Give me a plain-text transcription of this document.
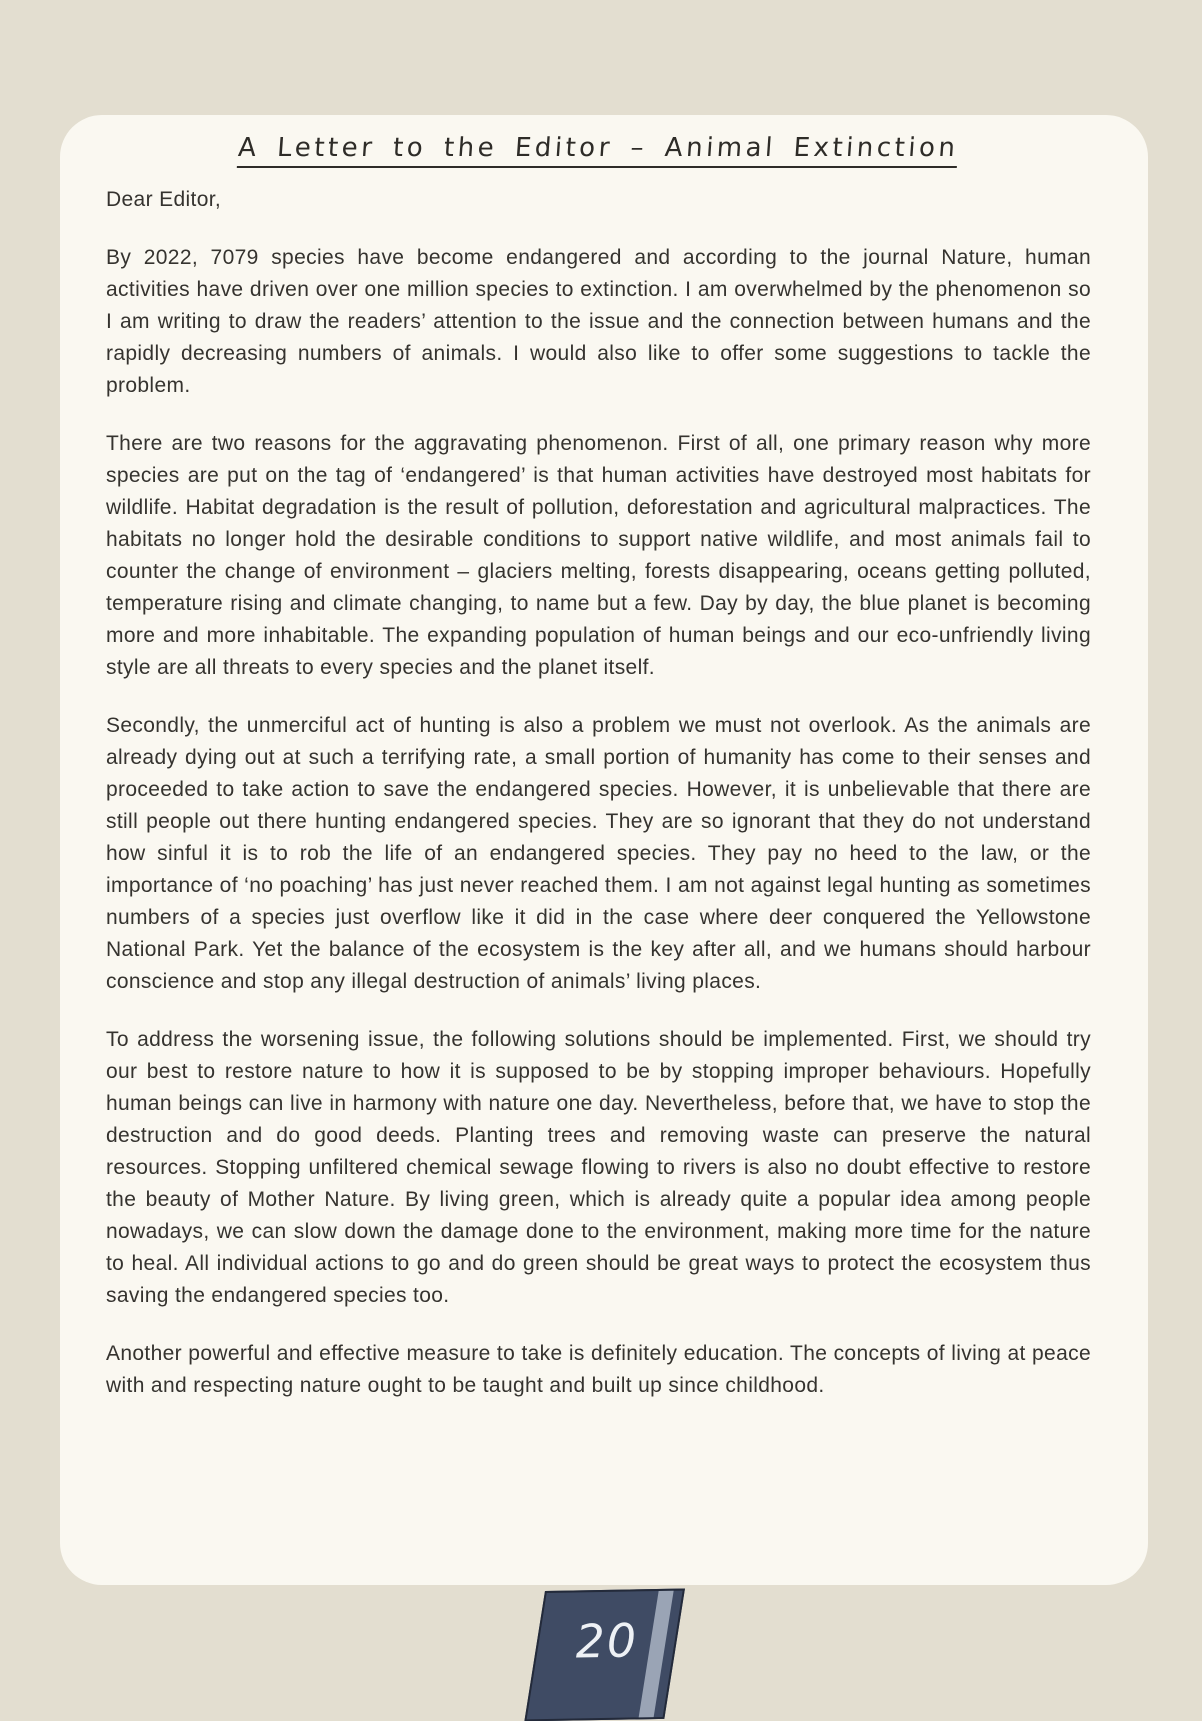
A Letter to the Editor – Animal Extinction

Dear Editor,

By 2022, 7079 species have become endangered and according to the journal Nature, human activities have driven over one million species to extinction. I am overwhelmed by the phenomenon so I am writing to draw the readers’ attention to the issue and the connection between humans and the rapidly decreasing numbers of animals. I would also like to offer some suggestions to tackle the problem.

There are two reasons for the aggravating phenomenon. First of all, one primary reason why more species are put on the tag of ‘endangered’ is that human activities have destroyed most habitats for wildlife. Habitat degradation is the result of pollution, deforestation and agricultural malpractices. The habitats no longer hold the desirable conditions to support native wildlife, and most animals fail to counter the change of environment – glaciers melting, forests disappearing, oceans getting polluted, temperature rising and climate changing, to name but a few. Day by day, the blue planet is becoming more and more inhabitable. The expanding population of human beings and our eco-unfriendly living style are all threats to every species and the planet itself.

Secondly, the unmerciful act of hunting is also a problem we must not overlook. As the animals are already dying out at such a terrifying rate, a small portion of humanity has come to their senses and proceeded to take action to save the endangered species. However, it is unbelievable that there are still people out there hunting endangered species. They are so ignorant that they do not understand how sinful it is to rob the life of an endangered species. They pay no heed to the law, or the importance of ‘no poaching’ has just never reached them. I am not against legal hunting as sometimes numbers of a species just overflow like it did in the case where deer conquered the Yellowstone National Park. Yet the balance of the ecosystem is the key after all, and we humans should harbour conscience and stop any illegal destruction of animals’ living places.

To address the worsening issue, the following solutions should be implemented. First, we should try our best to restore nature to how it is supposed to be by stopping improper behaviours. Hopefully human beings can live in harmony with nature one day. Nevertheless, before that, we have to stop the destruction and do good deeds. Planting trees and removing waste can preserve the natural resources. Stopping unfiltered chemical sewage flowing to rivers is also no doubt effective to restore the beauty of Mother Nature. By living green, which is already quite a popular idea among people nowadays, we can slow down the damage done to the environment, making more time for the nature to heal. All individual actions to go and do green should be great ways to protect the ecosystem thus saving the endangered species too.

Another powerful and effective measure to take is definitely education. The concepts of living at peace with and respecting nature ought to be taught and built up since childhood.

20
